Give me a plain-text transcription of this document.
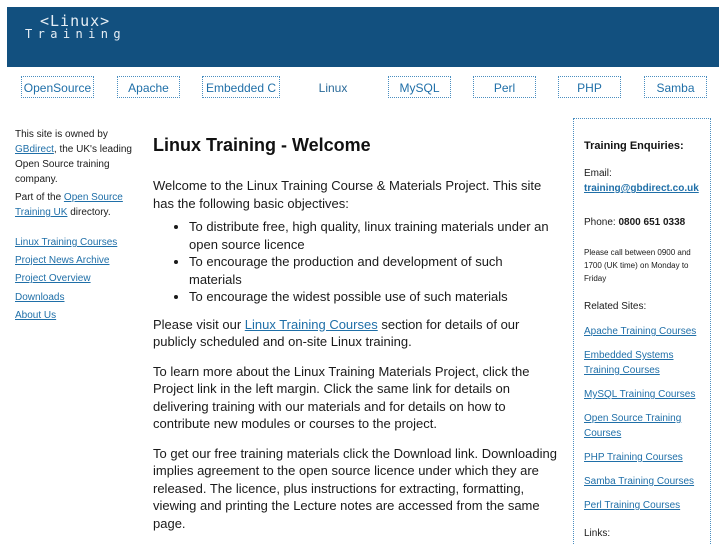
<Linux>
Training
OpenSource	Apache	Embedded C	Linux	MySQL	Perl	PHP	Samba

This site is owned by
GBdirect, the UK's leading Open Source training company.

Part of the Open Source Training UK directory.

Linux Training Courses
Project News Archive
Project Overview
Downloads
About Us
Linux Training - Welcome

Welcome to the Linux Training Course & Materials Project. This site has the following basic objectives:

• To distribute free, high quality, linux training materials under an open source licence
• To encourage the production and development of such materials
• To encourage the widest possible use of such materials

Please visit our Linux Training Courses section for details of our publicly scheduled and on-site Linux training.

To learn more about the Linux Training Materials Project, click the Project link in the left margin. Click the same link for details on delivering training with our materials and for details on how to contribute new modules or courses to the project.

To get our free training materials click the Download link. Downloading implies agreement to the open source licence under which they are released. The licence, plus instructions for extracting, formatting, viewing and printing the Lecture notes are accessed from the same page.

Training Enquiries:

Email:

training@gbdirect.co.uk

Phone: 0800 651 0338

Please call between 0900 and 1700 (UK time) on Monday to Friday

Related Sites:

Apache Training Courses
Embedded Systems Training Courses
MySQL Training Courses
Open Source Training Courses
PHP Training Courses
Samba Training Courses
Perl Training Courses

Links:
